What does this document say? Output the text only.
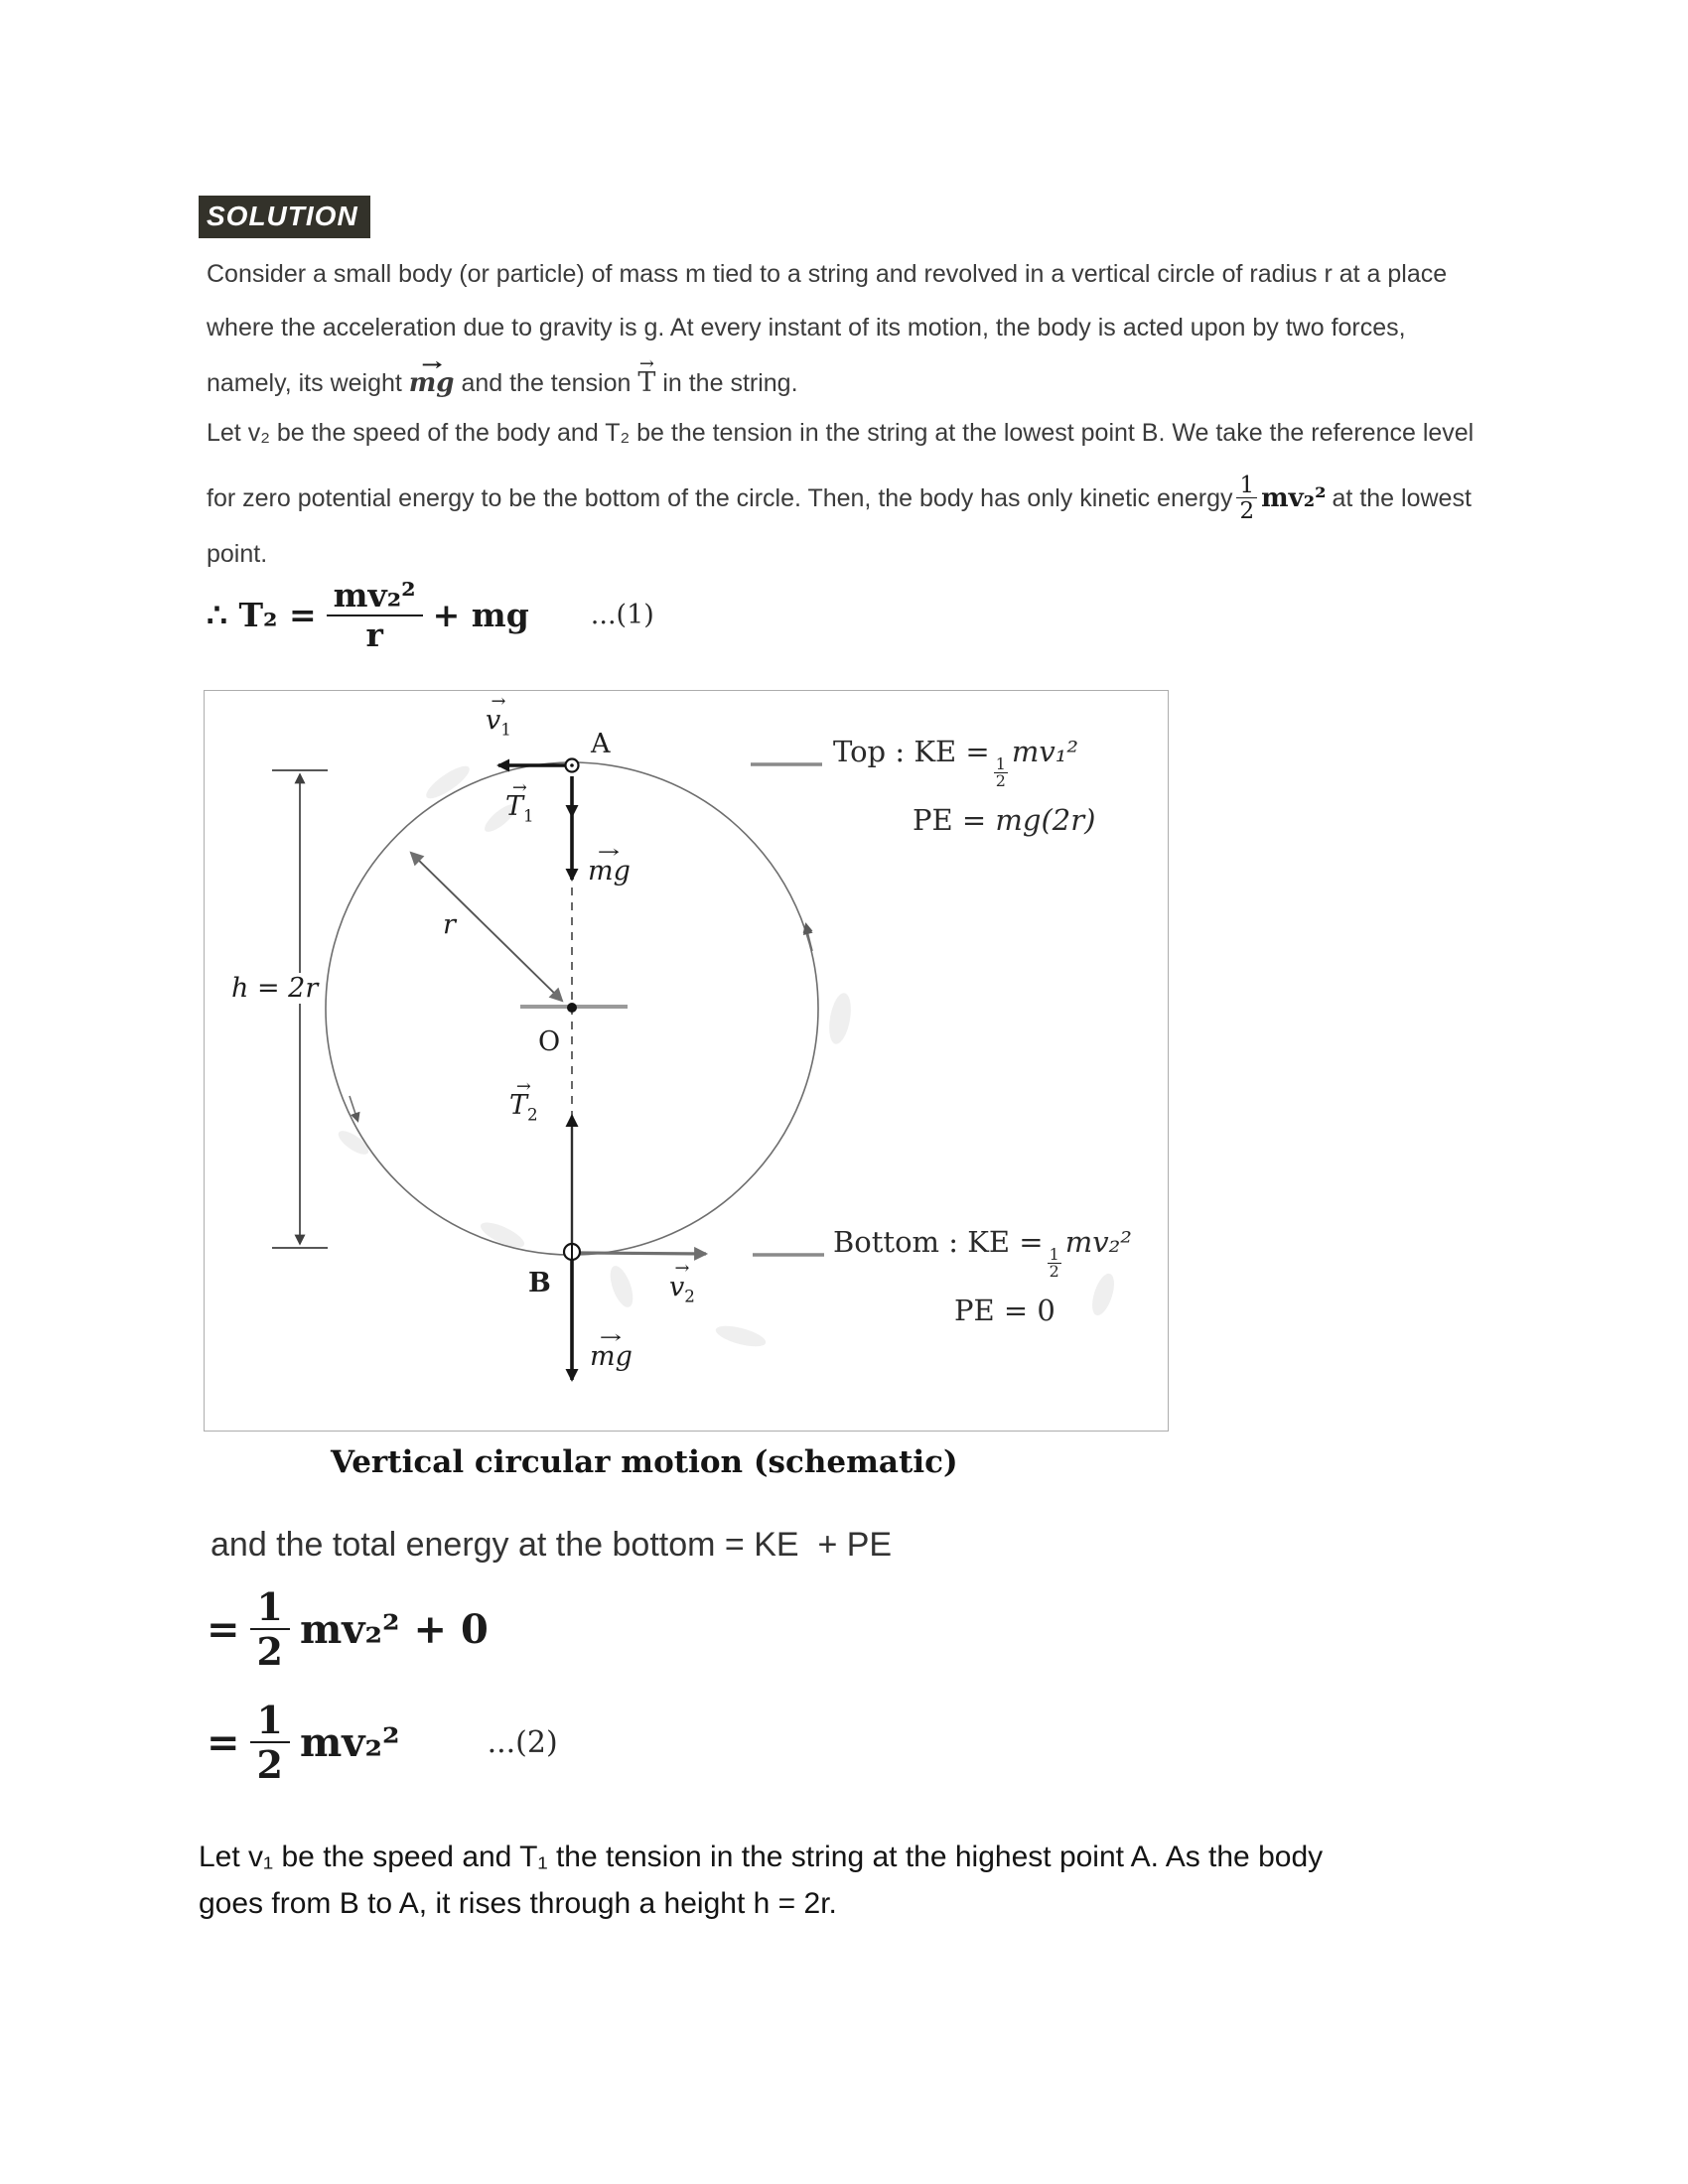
SOLUTION
Consider a small body (or particle) of mass m tied to a string and revolved in a vertical circle of radius r at a place
where the acceleration due to gravity is g. At every instant of its motion, the body is acted upon by two forces,
namely, its weight → mg and the tension → T in the string.
Let v₂ be the speed of the body and T₂ be the tension in the string at the lowest point B. We take the reference level
for zero potential energy to be the bottom of the circle. Then, the body has only kinetic energy $\frac{1}{2} mv_2^2$ at the lowest
point.
∴ $T_2 = \frac{\text{mv₂²}}{r}$ + mg ...(1)
→ $v_1$	A
→ $T_1$
→ mg
r
h = 2r
O
→ $T_2$
B	→ $v_2$
→ mg
Top : KE =
$\frac{1}{2}$
mv₁²
PE = mg(2r)
Bottom : KE =
$\frac{1}{2}$
mv₂²
PE = 0
Vertical circular motion (schematic)
and the total energy at the bottom = KE  + PE
= $\frac{1}{2} mv_2^2 + 0$
= $\frac{1}{2} mv_2^2$	...(2)
Let v₁ be the speed and T₁ the tension in the string at the highest point A. As the body
goes from B to A, it rises through a height h = 2r.
